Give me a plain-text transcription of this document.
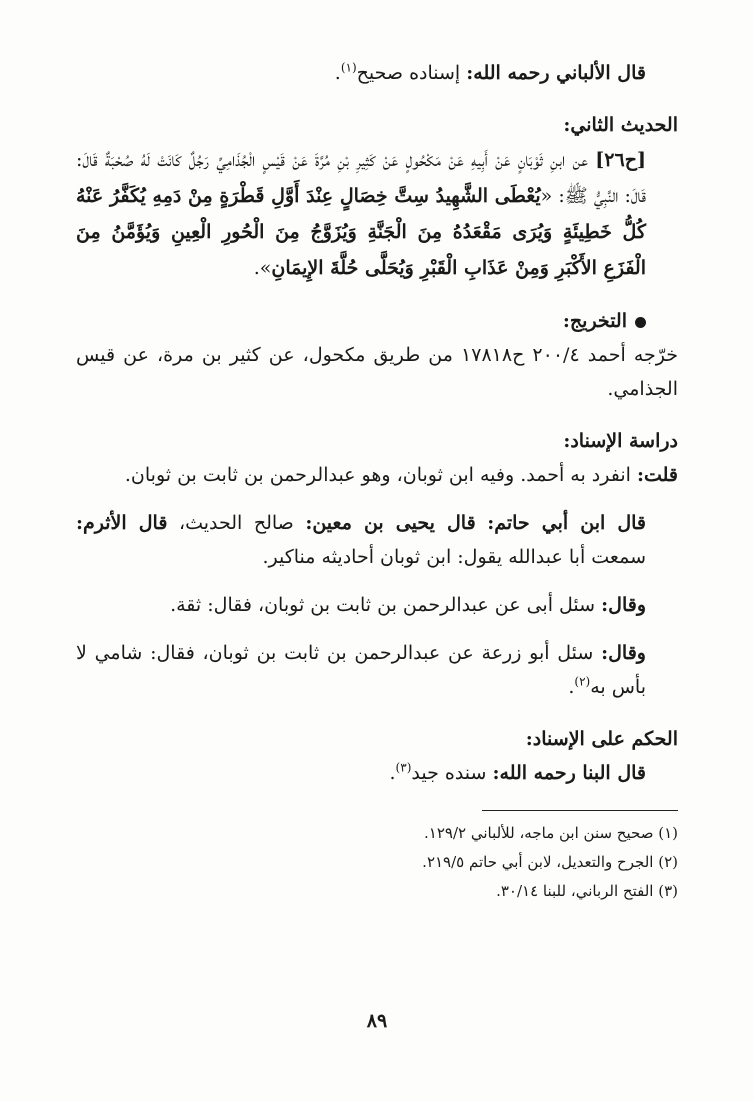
قال الألباني رحمه الله: إسناده صحيح$^{(١)}$.

الحديث الثاني:

[ح٢٦] عن ابنِ ثَوْبَانٍ عَنْ أَبِيهِ عَنْ مَكْحُولٍ عَنْ كَثِيرِ بْنِ مُرَّةَ عَنْ قَيْسٍ الْجُذَامِيِّ رَجُلٌ كَانَتْ لَهُ صُحْبَةٌ قَالَ: قَالَ: النَّبِيُّ ﷺ: «يُعْطَى الشَّهِيدُ سِتَّ خِصَالٍ عِنْدَ أَوَّلِ قَطْرَةٍ مِنْ دَمِهِ يُكَفَّرُ عَنْهُ كُلُّ خَطِيئَةٍ وَيُرَى مَقْعَدُهُ مِنَ الْجَنَّةِ وَيُزَوَّجُ مِنَ الْحُورِ الْعِينِ وَيُؤَمَّنُ مِنَ الْفَزَعِ الأَكْبَرِ وَمِنْ عَذَابِ الْقَبْرِ وَيُحَلَّى حُلَّةَ الإِيمَانِ».

التخريج:

خرّجه أحمد ٢٠٠/٤ ح١٧٨١٨ من طريق مكحول، عن كثير بن مرة، عن قيس الجذامي.

دراسة الإسناد:

قلت: انفرد به أحمد. وفيه ابن ثوبان، وهو عبدالرحمن بن ثابت بن ثوبان.

قال ابن أبي حاتم: قال يحيى بن معين: صالح الحديث، قال الأثرم: سمعت أبا عبدالله يقول: ابن ثوبان أحاديثه مناكير.

وقال: سئل أبى عن عبدالرحمن بن ثابت بن ثوبان، فقال: ثقة.

وقال: سئل أبو زرعة عن عبدالرحمن بن ثابت بن ثوبان، فقال: شامي لا بأس به$^{(٢)}$.

الحكم على الإسناد:

قال البنا رحمه الله: سنده جيد$^{(٣)}$.

(١) صحيح سنن ابن ماجه، للألباني ١٢٩/٢.

(٢) الجرح والتعديل، لابن أبي حاتم ٢١٩/٥.

(٣) الفتح الرباني، للبنا ٣٠/١٤.

٨٩
